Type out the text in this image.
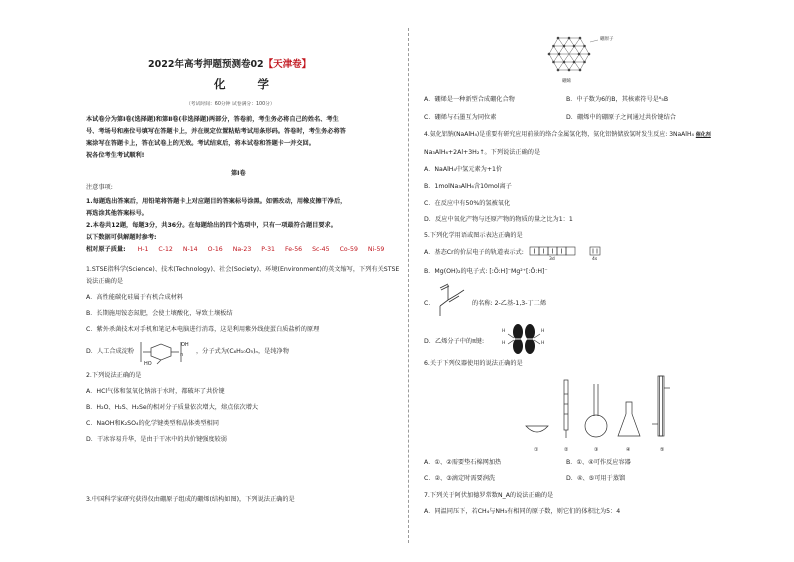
2022年高考押题预测卷02【天津卷】
化 学
（考试时间：60分钟 试卷满分：100分）
本试卷分为第Ⅰ卷(选择题)和第Ⅱ卷(非选择题)两部分，答卷前，考生务必将自己的姓名、考生
号、考场号和座位号填写在答题卡上，并在规定位置粘贴考试用条形码。答卷时，考生务必将答
案涂写在答题卡上，答在试卷上的无效。考试结束后，将本试卷和答题卡一并交回。
祝各位考生考试顺利!
第Ⅰ卷
注意事项:
1.每题选出答案后，用铅笔将答题卡上对应题目的答案标号涂黑。如需改动，用橡皮擦干净后，
再选涂其他答案标号。
2.本卷共12题，每题3分，共36分。在每题给出的四个选项中，只有一项最符合题目要求。
以下数据可供解题时参考:
相对原子质量: H-1 C-12 N-14 O-16 Na-23 P-31 Fe-56 Sc-45 Co-59 Ni-59
1.STSE指科学(Science)、技术(Technology)、社会(Society)、环境(Environment)的英文缩写，下列有关STSE
说法正确的是
A．高性能碳化硅属于有机合成材料
B．长期施用铵态氮肥，会使土壤酸化，导致土壤板结
C．紫外杀菌技术对手机和笔记本电脑进行消毒，这是利用紫外线使蛋白质盐析的原理
D．人工合成淀粉
OH
HO
n ，分子式为(C₆H₁₀O₅)ₙ，是纯净物
2.下列说法正确的是
A．HCl气体和氢氧化钠溶于水时，都破坏了共价键
B．H₂O、H₂S、H₂Se的相对分子质量依次增大，熔点依次增大
C．NaOH和K₂SO₄的化学键类型和晶体类型相同
D．干冰容易升华，是由于干冰中的共价键强度较弱
3.中国科学家研究获得仅由硼原子组成的硼烯(结构如图)，下列说法正确的是
硼原子
硼烯
A．硼烯是一种新型合成硼化合物	B．中子数为6的B，其核素符号是⁶₅B
C．硼烯与石墨互为同位素	D．硼烯中的硼原子之间通过共价键结合
4.氨化铝钠(NaAlH₄)是重要有研究应用前景的络合金属氢化物，氨化铝钠储放氢时发生反应: 3NaAlH₄ 催化剂
Na₃AlH₆+2Al+3H₂↑。下列说法正确的是
A．NaAlH₄中氢元素为+1价
B．1molNa₃AlH₆含10mol离子
C．在反应中有50%的氢被氧化
D．反应中氧化产物与还原产物的物质的量之比为1：1
5.下列化学用语或图示表达正确的是
A．基态Cr的价层电子的轨道表示式:
3d	4s
B．Mg(OH)₂的电子式: [:Ö:H]⁻Mg²⁺[:Ö:H]⁻
C．	的名称: 2-乙基-1,3-丁二烯
D．乙烯分子中的π键:
H
H
H
H
6.关于下列仪器使用的说法正确的是
①	②	③	④	⑤
A．①、②需要垫石棉网加热	B．①、④可作反应容器
C．②、③滴定时需要润洗	D．④、⑤可用于蒸馏
7.下列关于阿伏加德罗常数N_A的说法正确的是
A．同温同压下，若CH₄与NH₃有相同的原子数，则它们的体积比为5：4
